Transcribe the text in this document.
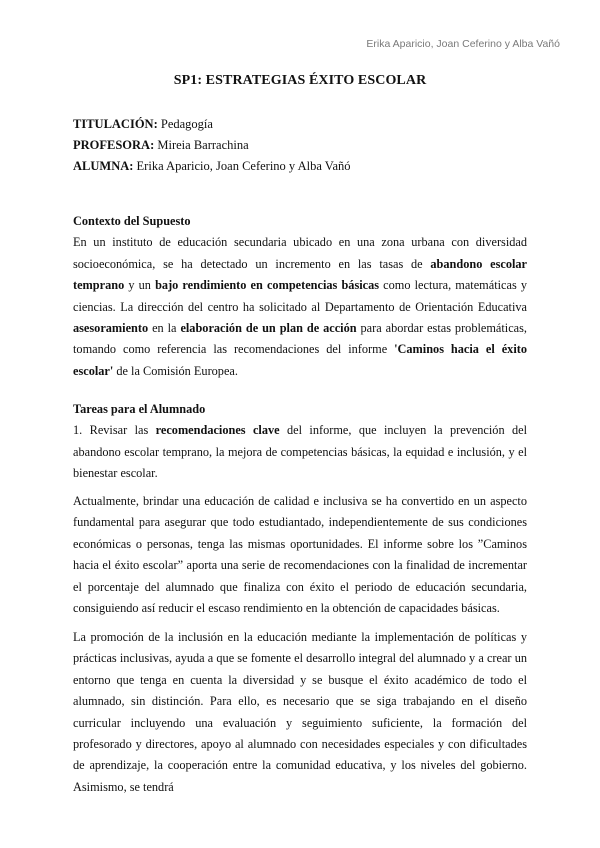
Erika Aparicio, Joan Ceferino y Alba Vañó
SP1: ESTRATEGIAS ÉXITO ESCOLAR
TITULACIÓN: Pedagogía
PROFESORA: Mireia Barrachina
ALUMNA: Erika Aparicio, Joan Ceferino y Alba Vañó
Contexto del Supuesto

En un instituto de educación secundaria ubicado en una zona urbana con diversidad socioeconómica, se ha detectado un incremento en las tasas de abandono escolar temprano y un bajo rendimiento en competencias básicas como lectura, matemáticas y ciencias. La dirección del centro ha solicitado al Departamento de Orientación Educativa asesoramiento en la elaboración de un plan de acción para abordar estas problemáticas, tomando como referencia las recomendaciones del informe 'Caminos hacia el éxito escolar' de la Comisión Europea.

Tareas para el Alumnado

1. Revisar las recomendaciones clave del informe, que incluyen la prevención del abandono escolar temprano, la mejora de competencias básicas, la equidad e inclusión, y el bienestar escolar.

Actualmente, brindar una educación de calidad e inclusiva se ha convertido en un aspecto fundamental para asegurar que todo estudiantado, independientemente de sus condiciones económicas o personas, tenga las mismas oportunidades. El informe sobre los ”Caminos hacia el éxito escolar” aporta una serie de recomendaciones con la finalidad de incrementar el porcentaje del alumnado que finaliza con éxito el periodo de educación secundaria, consiguiendo así reducir el escaso rendimiento en la obtención de capacidades básicas.

La promoción de la inclusión en la educación mediante la implementación de políticas y prácticas inclusivas, ayuda a que se fomente el desarrollo integral del alumnado y a crear un entorno que tenga en cuenta la diversidad y se busque el éxito académico de todo el alumnado, sin distinción. Para ello, es necesario que se siga trabajando en el diseño curricular incluyendo una evaluación y seguimiento suficiente, la formación del profesorado y directores, apoyo al alumnado con necesidades especiales y con dificultades de aprendizaje, la cooperación entre la comunidad educativa, y los niveles del gobierno. Asimismo, se tendrá
